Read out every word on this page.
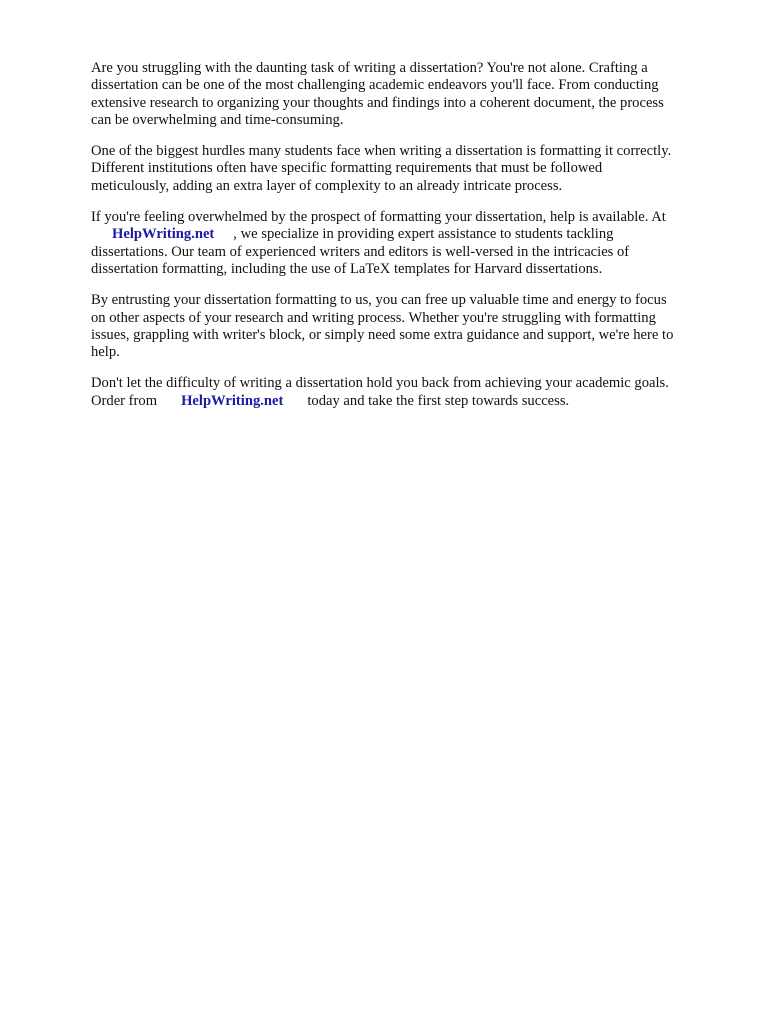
Are you struggling with the daunting task of writing a dissertation? You're not alone. Crafting a
dissertation can be one of the most challenging academic endeavors you'll face. From conducting
extensive research to organizing your thoughts and findings into a coherent document, the process
can be overwhelming and time-consuming.

One of the biggest hurdles many students face when writing a dissertation is formatting it correctly.
Different institutions often have specific formatting requirements that must be followed
meticulously, adding an extra layer of complexity to an already intricate process.

If you're feeling overwhelmed by the prospect of formatting your dissertation, help is available. At
HelpWriting.net , we specialize in providing expert assistance to students tackling
dissertations. Our team of experienced writers and editors is well-versed in the intricacies of
dissertation formatting, including the use of LaTeX templates for Harvard dissertations.

By entrusting your dissertation formatting to us, you can free up valuable time and energy to focus
on other aspects of your research and writing process. Whether you're struggling with formatting
issues, grappling with writer's block, or simply need some extra guidance and support, we're here to
help.

Don't let the difficulty of writing a dissertation hold you back from achieving your academic goals.
Order from HelpWriting.net today and take the first step towards success.
